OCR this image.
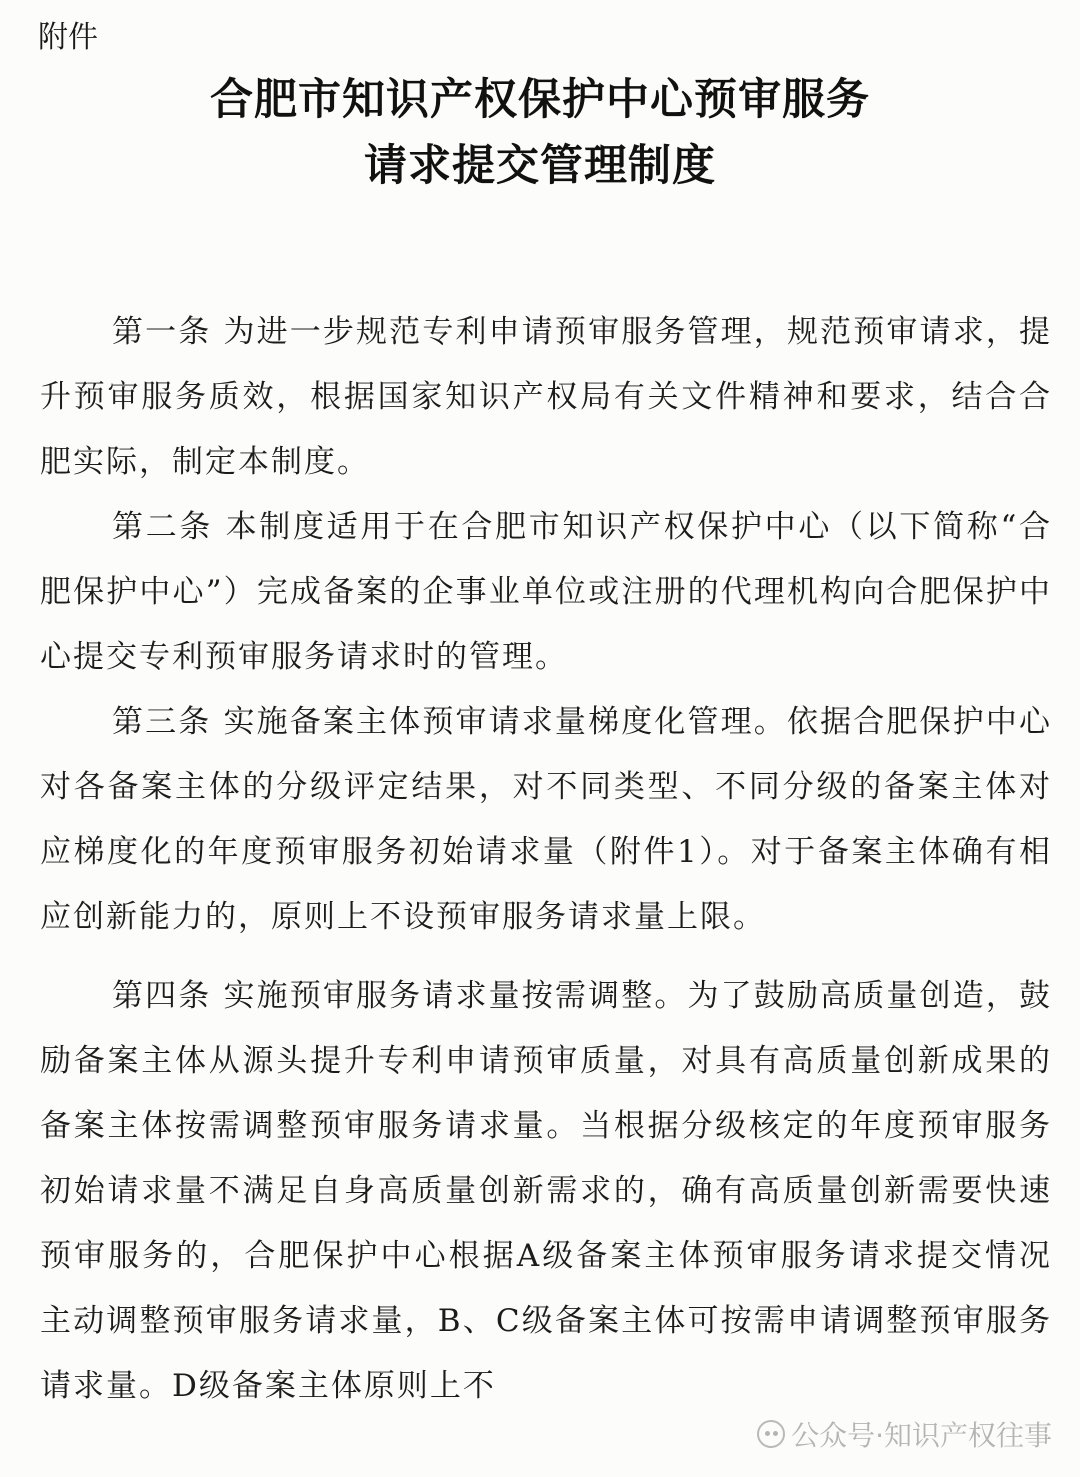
附件
合肥市知识产权保护中心预审服务
请求提交管理制度

第一条 为进一步规范专利申请预审服务管理，规范预审请求，提升预审服务质效，根据国家知识产权局有关文件精神和要求，结合合肥实际，制定本制度。

第二条 本制度适用于在合肥市知识产权保护中心（以下简称“合肥保护中心”）完成备案的企事业单位或注册的代理机构向合肥保护中心提交专利预审服务请求时的管理。

第三条 实施备案主体预审请求量梯度化管理。依据合肥保护中心对各备案主体的分级评定结果，对不同类型、不同分级的备案主体对应梯度化的年度预审服务初始请求量（附件1）。对于备案主体确有相应创新能力的，原则上不设预审服务请求量上限。

第四条 实施预审服务请求量按需调整。为了鼓励高质量创造，鼓励备案主体从源头提升专利申请预审质量，对具有高质量创新成果的备案主体按需调整预审服务请求量。当根据分级核定的年度预审服务初始请求量不满足自身高质量创新需求的，确有高质量创新需要快速预审服务的，合肥保护中心根据A级备案主体预审服务请求提交情况主动调整预审服务请求量，B、C级备案主体可按需申请调整预审服务请求量。D级备案主体原则上不

公众号·知识产权往事
